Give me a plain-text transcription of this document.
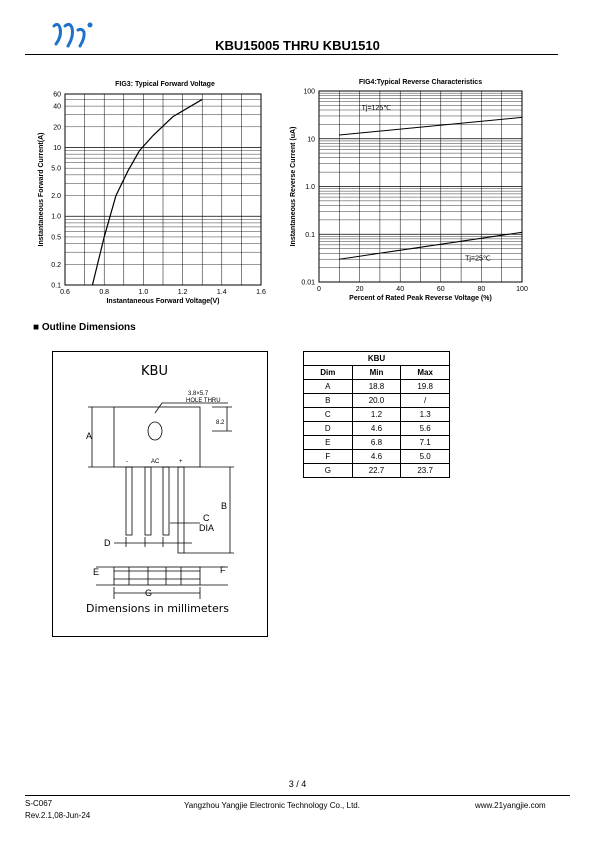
KBU15005 THRU KBU1510
FIG3: Typical Forward Voltage
60
40
20
10
5.0
2.0
1.0
0.5
0.2
0.1
0.6	0.8	1.0	1.2	1.4	1.6
Instantaneous Forward Voltage(V)
Instantaneous Forward Current(A)
FIG4:Typical Reverse Characteristics
100
10
1.0
0.1
0.01
0	20	40	60	80	100
Percent of Rated Peak Reverse Voltage (%)
Instantaneous Reverse Current (uA)
Tj=125℃
Tj=25℃
■ Outline Dimensions
KBU
3.8×5.7
HOLE THRU
8.2
A
B
C
DIA
D
E	F
G
AC
-	+
Dimensions in millimeters
KBU		
Dim	Min	Max
A	18.8	19.8
B	20.0	/
C	1.2	1.3
D	4.6	5.6
E	6.8	7.1
F	4.6	5.0
G	22.7	23.7
3 / 4
S-C067
Rev.2.1,08-Jun-24
Yangzhou Yangjie Electronic Technology Co., Ltd.	www.21yangjie.com
